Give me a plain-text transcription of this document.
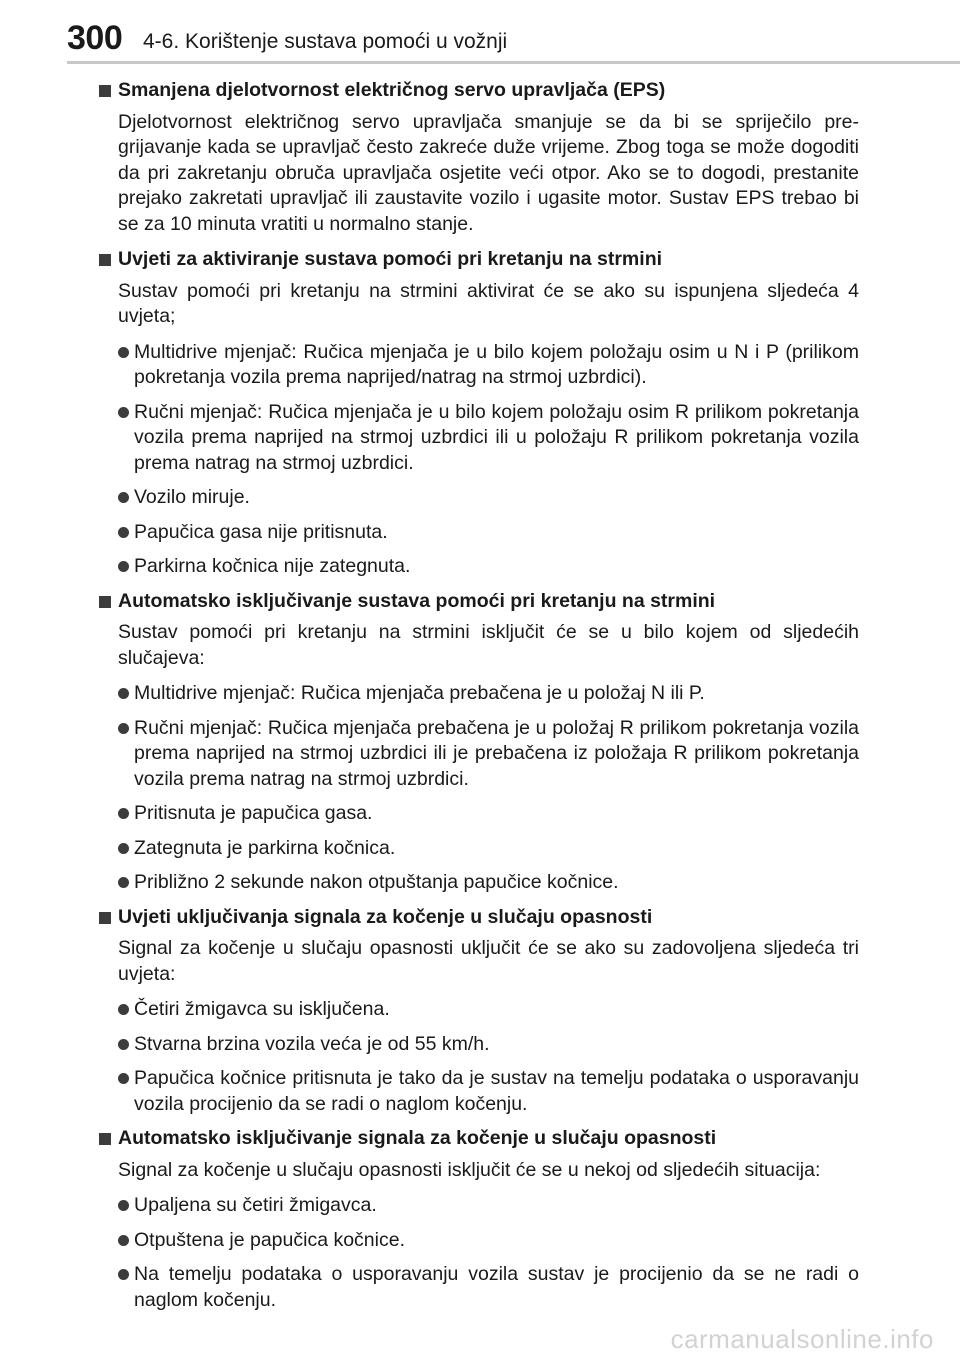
300 4-6. Korištenje sustava pomoći u vožnji
Smanjena djelotvornost električnog servo upravljača (EPS)

Djelotvornost električnog servo upravljača smanjuje se da bi se spriječilo pregrijavanje kada se upravljač često zakreće duže vrijeme. Zbog toga se može dogoditi da pri zakretanju obruča upravljača osjetite veći otpor. Ako se to dogodi, prestanite prejako zakretati upravljač ili zaustavite vozilo i ugasite motor. Sustav EPS trebao bi se za 10 minuta vratiti u normalno stanje.

Uvjeti za aktiviranje sustava pomoći pri kretanju na strmini

Sustav pomoći pri kretanju na strmini aktivirat će se ako su ispunjena sljedeća 4 uvjeta;

Multidrive mjenjač: Ručica mjenjača je u bilo kojem položaju osim u N i P (prilikom pokretanja vozila prema naprijed/natrag na strmoj uzbrdici).
Ručni mjenjač: Ručica mjenjača je u bilo kojem položaju osim R prilikom pokretanja vozila prema naprijed na strmoj uzbrdici ili u položaju R prilikom pokretanja vozila prema natrag na strmoj uzbrdici.
Vozilo miruje.
Papučica gasa nije pritisnuta.
Parkirna kočnica nije zategnuta.
Automatsko isključivanje sustava pomoći pri kretanju na strmini

Sustav pomoći pri kretanju na strmini isključit će se u bilo kojem od sljedećih slučajeva:

Multidrive mjenjač: Ručica mjenjača prebačena je u položaj N ili P.
Ručni mjenjač: Ručica mjenjača prebačena je u položaj R prilikom pokretanja vozila prema naprijed na strmoj uzbrdici ili je prebačena iz položaja R prilikom pokretanja vozila prema natrag na strmoj uzbrdici.
Pritisnuta je papučica gasa.
Zategnuta je parkirna kočnica.
Približno 2 sekunde nakon otpuštanja papučice kočnice.
Uvjeti uključivanja signala za kočenje u slučaju opasnosti

Signal za kočenje u slučaju opasnosti uključit će se ako su zadovoljena sljedeća tri uvjeta:

Četiri žmigavca su isključena.
Stvarna brzina vozila veća je od 55 km/h.
Papučica kočnice pritisnuta je tako da je sustav na temelju podataka o usporavanju vozila procijenio da se radi o naglom kočenju.
Automatsko isključivanje signala za kočenje u slučaju opasnosti

Signal za kočenje u slučaju opasnosti isključit će se u nekoj od sljedećih situacija:

Upaljena su četiri žmigavca.
Otpuštena je papučica kočnice.
Na temelju podataka o usporavanju vozila sustav je procijenio da se ne radi o naglom kočenju.
carmanualsonline.info
